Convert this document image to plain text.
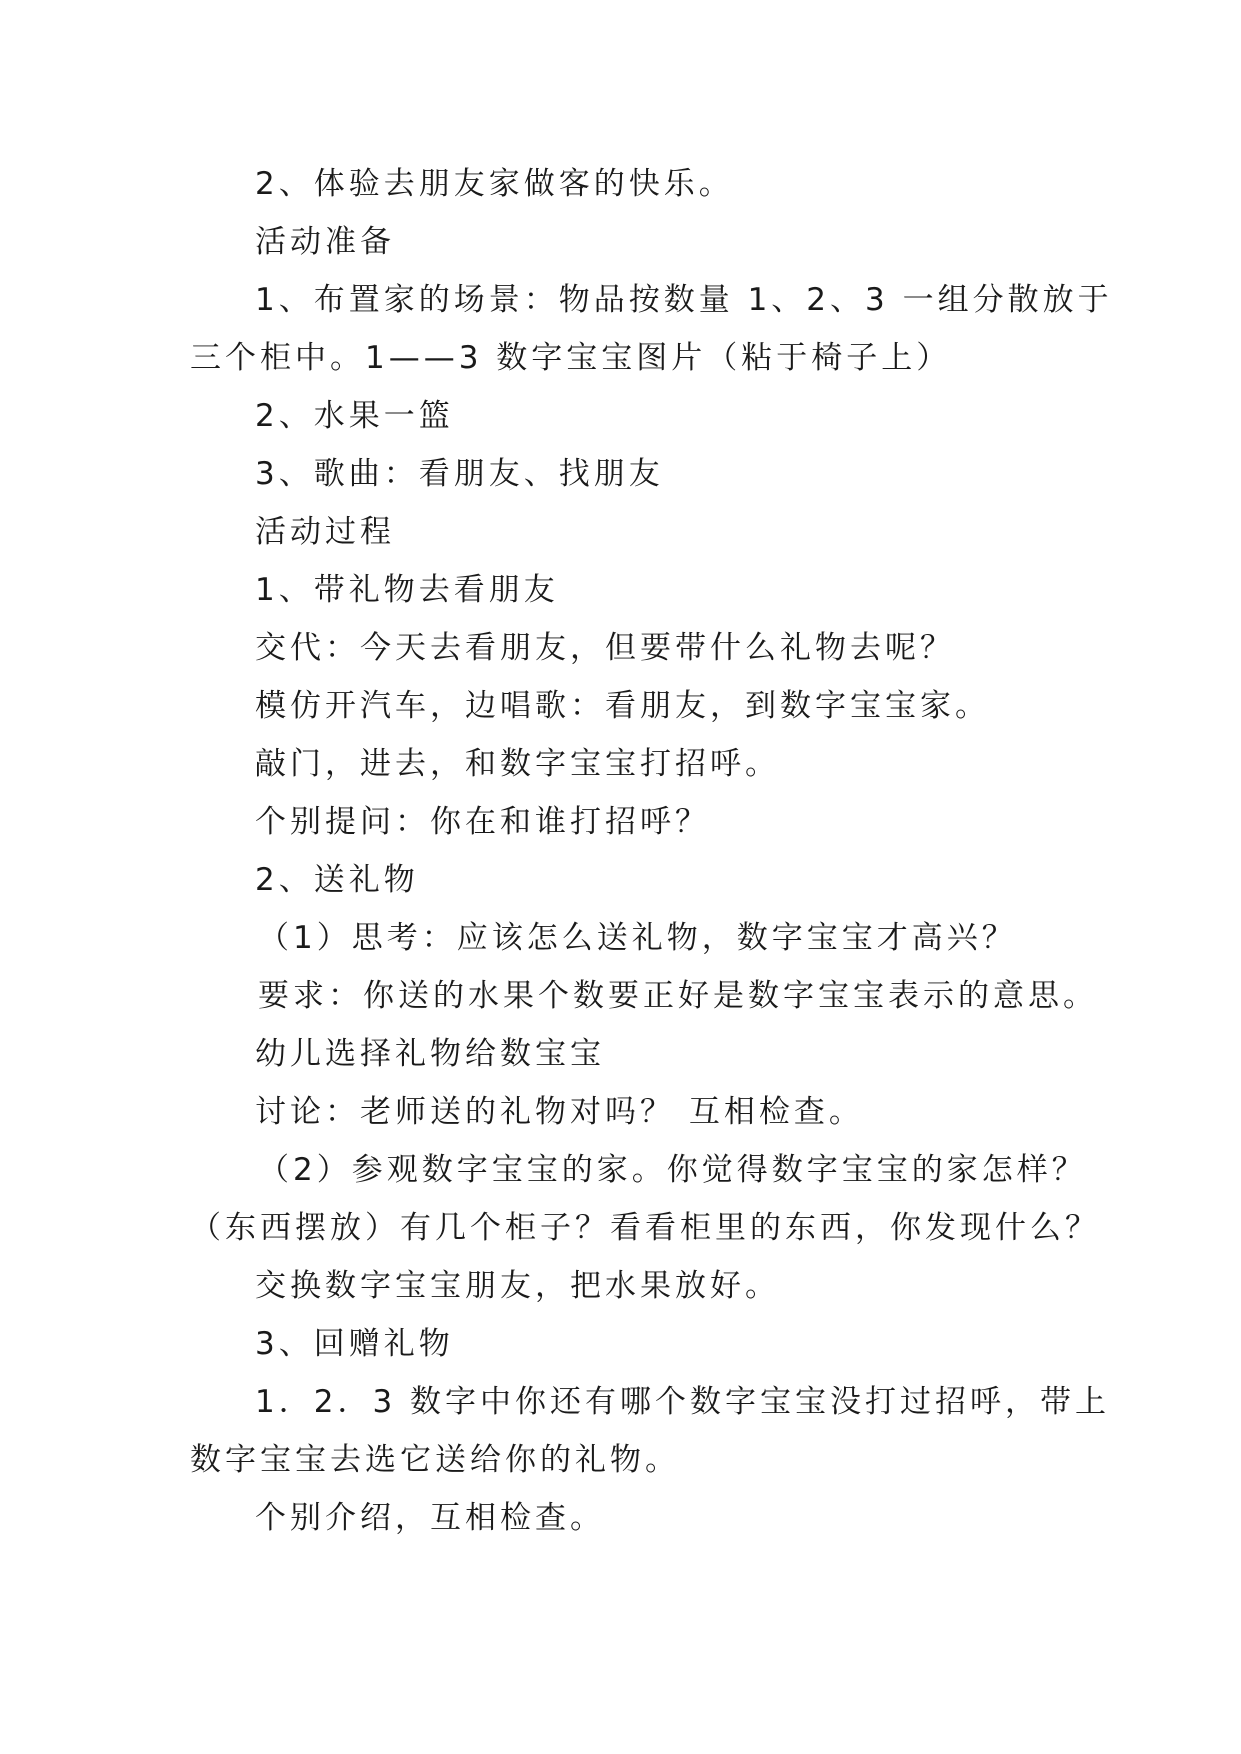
2、体验去朋友家做客的快乐。
活动准备
1、布置家的场景：物品按数量 1、2、3 一组分散放于
三个柜中。1——3 数字宝宝图片（粘于椅子上）
2、水果一篮
3、歌曲：看朋友、找朋友
活动过程
1、带礼物去看朋友
交代：今天去看朋友，但要带什么礼物去呢？
模仿开汽车，边唱歌：看朋友，到数字宝宝家。
敲门，进去，和数字宝宝打招呼。
个别提问：你在和谁打招呼？
2、送礼物
（1）思考：应该怎么送礼物，数字宝宝才高兴？
要求：你送的水果个数要正好是数字宝宝表示的意思。
幼儿选择礼物给数宝宝
讨论：老师送的礼物对吗？ 互相检查。
（2）参观数字宝宝的家。你觉得数字宝宝的家怎样？
（东西摆放）有几个柜子？看看柜里的东西，你发现什么？
交换数字宝宝朋友，把水果放好。
3、回赠礼物
1．2．3 数字中你还有哪个数字宝宝没打过招呼，带上
数字宝宝去选它送给你的礼物。
个别介绍，互相检查。
